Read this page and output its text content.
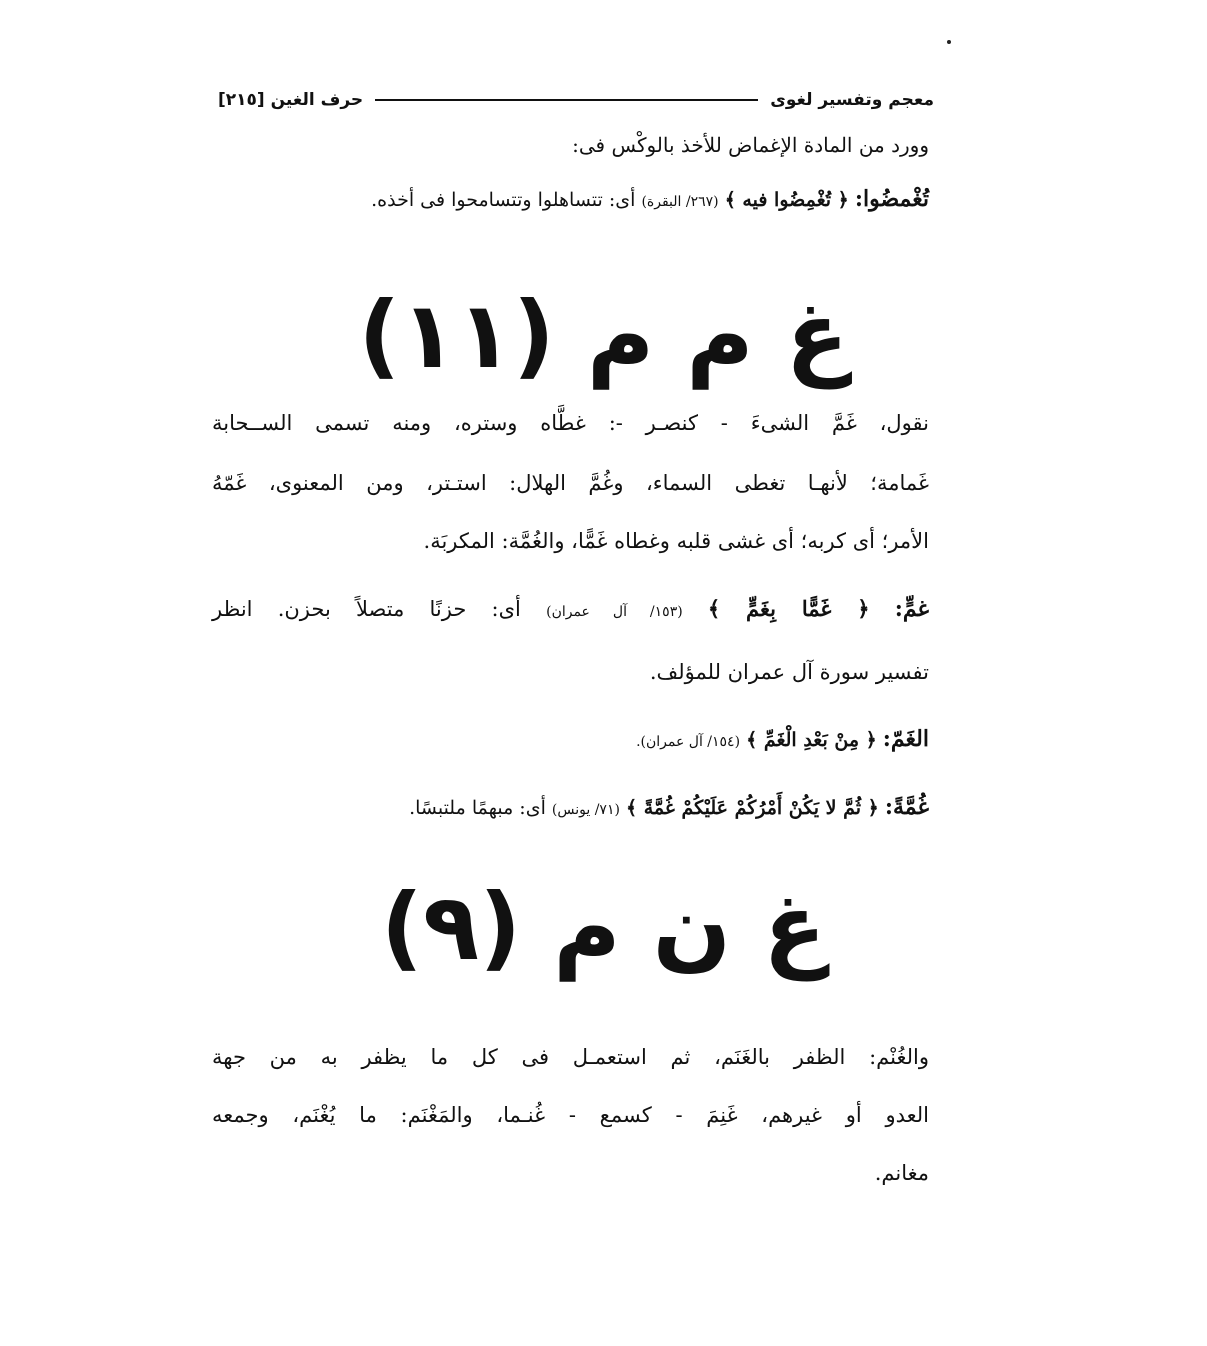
معجم وتفسير لغوى
حرف الغين [٢١٥]
وورد من المادة الإغماض للأخذ بالوكْس فى:
تُغْمضُوا: ﴿ تُغْمِضُوا فيه ﴾ (٢٦٧/ البقرة) أى: تتساهلوا وتتسامحوا فى أخذه.
غ م م (١١)
نقول، غَمَّ الشىءَ - كنصـر -: غطَّاه وستره، ومنه تسمى الســحابة
غَمامة؛ لأنهـا تغطى السماء، وغُمَّ الهلال: استـتر، ومن المعنوى، غَمّهُ
الأمر؛ أى كربه؛ أى غشى قلبه وغطاه غَمًّا، والغُمَّة: المكربَة.
غمٍّ: ﴿ غَمًّا بِغَمٍّ ﴾ (١٥٣/ آل عمران) أى: حزنًا متصلاً بحزن. انظر
تفسير سورة آل عمران للمؤلف.
الغَمّ: ﴿ مِنْ بَعْدِ الْغَمِّ ﴾ (١٥٤/ آل عمران).
غُمَّةً: ﴿ ثُمَّ لا يَكُنْ أَمْرُكُمْ عَلَيْكُمْ غُمَّةً ﴾ (٧١/ يونس) أى: مبهمًا ملتبسًا.
غ ن م (٩)
والغُنْم: الظفر بالغَنَم، ثم استعمـل فى كل ما يظفر به من جهة
العدو أو غيرهم، غَنِمَ - كسمع - غُنـما، والمَغْنَم: ما يُغْنَم، وجمعه
مغانم.
